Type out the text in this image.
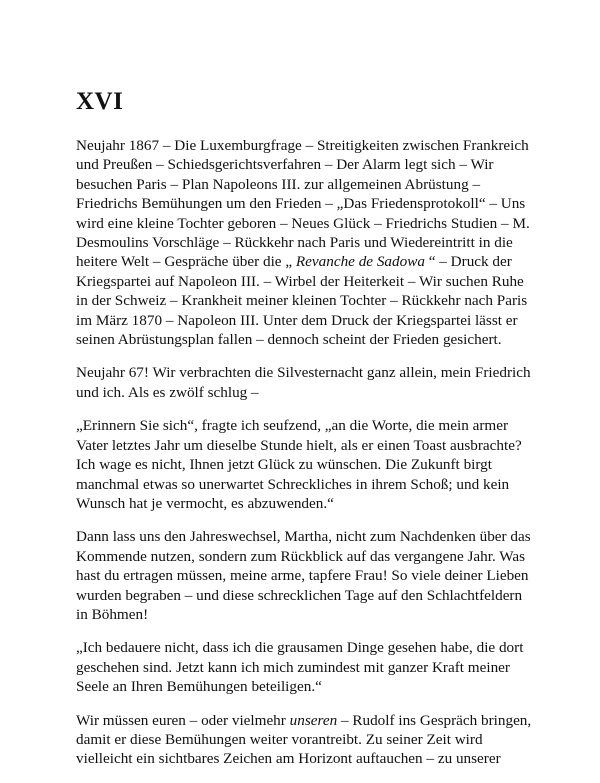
XVI

Neujahr 1867 – Die Luxemburgfrage – Streitigkeiten zwischen Frankreich und Preußen – Schiedsgerichtsverfahren – Der Alarm legt sich – Wir besuchen Paris – Plan Napoleons III. zur allgemeinen Abrüstung – Friedrichs Bemühungen um den Frieden – „Das Friedensprotokoll“ – Uns wird eine kleine Tochter geboren – Neues Glück – Friedrichs Studien – M. Desmoulins Vorschläge – Rückkehr nach Paris und Wiedereintritt in die heitere Welt – Gespräche über die „ Revanche de Sadowa “ – Druck der Kriegspartei auf Napoleon III. – Wirbel der Heiterkeit – Wir suchen Ruhe in der Schweiz – Krankheit meiner kleinen Tochter – Rückkehr nach Paris im März 1870 – Napoleon III. Unter dem Druck der Kriegspartei lässt er seinen Abrüstungsplan fallen – dennoch scheint der Frieden gesichert.

Neujahr 67! Wir verbrachten die Silvesternacht ganz allein, mein Friedrich und ich. Als es zwölf schlug –

„Erinnern Sie sich“, fragte ich seufzend, „an die Worte, die mein armer Vater letztes Jahr um dieselbe Stunde hielt, als er einen Toast ausbrachte? Ich wage es nicht, Ihnen jetzt Glück zu wünschen. Die Zukunft birgt manchmal etwas so unerwartet Schreckliches in ihrem Schoß; und kein Wunsch hat je vermocht, es abzuwenden.“

Dann lass uns den Jahreswechsel, Martha, nicht zum Nachdenken über das Kommende nutzen, sondern zum Rückblick auf das vergangene Jahr. Was hast du ertragen müssen, meine arme, tapfere Frau! So viele deiner Lieben wurden begraben – und diese schrecklichen Tage auf den Schlachtfeldern in Böhmen!

„Ich bedauere nicht, dass ich die grausamen Dinge gesehen habe, die dort geschehen sind. Jetzt kann ich mich zumindest mit ganzer Kraft meiner Seele an Ihren Bemühungen beteiligen.“

Wir müssen euren – oder vielmehr unseren – Rudolf ins Gespräch bringen, damit er diese Bemühungen weiter vorantreibt. Zu seiner Zeit wird vielleicht ein sichtbares Zeichen am Horizont auftauchen – zu unserer
